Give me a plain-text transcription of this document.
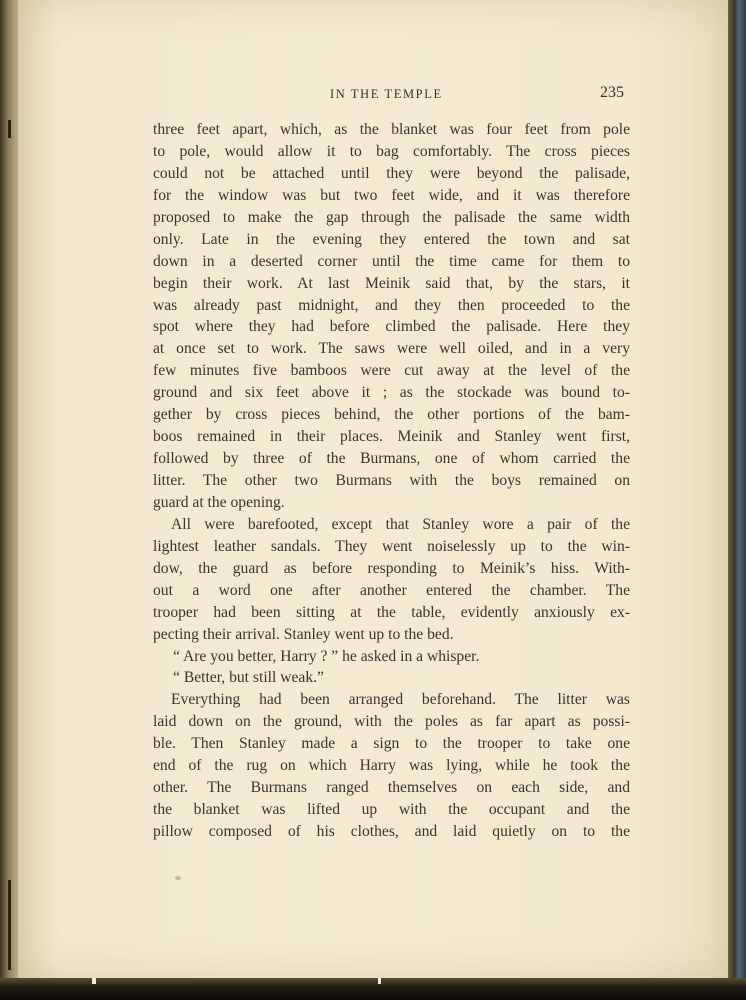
IN THE TEMPLE	235
three feet apart, which, as the blanket was four feet from pole
to pole, would allow it to bag comfortably. The cross pieces
could not be attached until they were beyond the palisade,
for the window was but two feet wide, and it was therefore
proposed to make the gap through the palisade the same width
only. Late in the evening they entered the town and sat
down in a deserted corner until the time came for them to
begin their work. At last Meinik said that, by the stars, it
was already past midnight, and they then proceeded to the
spot where they had before climbed the palisade. Here they
at once set to work. The saws were well oiled, and in a very
few minutes five bamboos were cut away at the level of the
ground and six feet above it ; as the stockade was bound to-
gether by cross pieces behind, the other portions of the bam-
boos remained in their places. Meinik and Stanley went first,
followed by three of the Burmans, one of whom carried the
litter. The other two Burmans with the boys remained on
guard at the opening.
All were barefooted, except that Stanley wore a pair of the
lightest leather sandals. They went noiselessly up to the win-
dow, the guard as before responding to Meinik’s hiss. With-
out a word one after another entered the chamber. The
trooper had been sitting at the table, evidently anxiously ex-
pecting their arrival. Stanley went up to the bed.
“ Are you better, Harry ? ” he asked in a whisper.
“ Better, but still weak.”
Everything had been arranged beforehand. The litter was
laid down on the ground, with the poles as far apart as possi-
ble. Then Stanley made a sign to the trooper to take one
end of the rug on which Harry was lying, while he took the
other. The Burmans ranged themselves on each side, and
the blanket was lifted up with the occupant and the
pillow composed of his clothes, and laid quietly on to the
